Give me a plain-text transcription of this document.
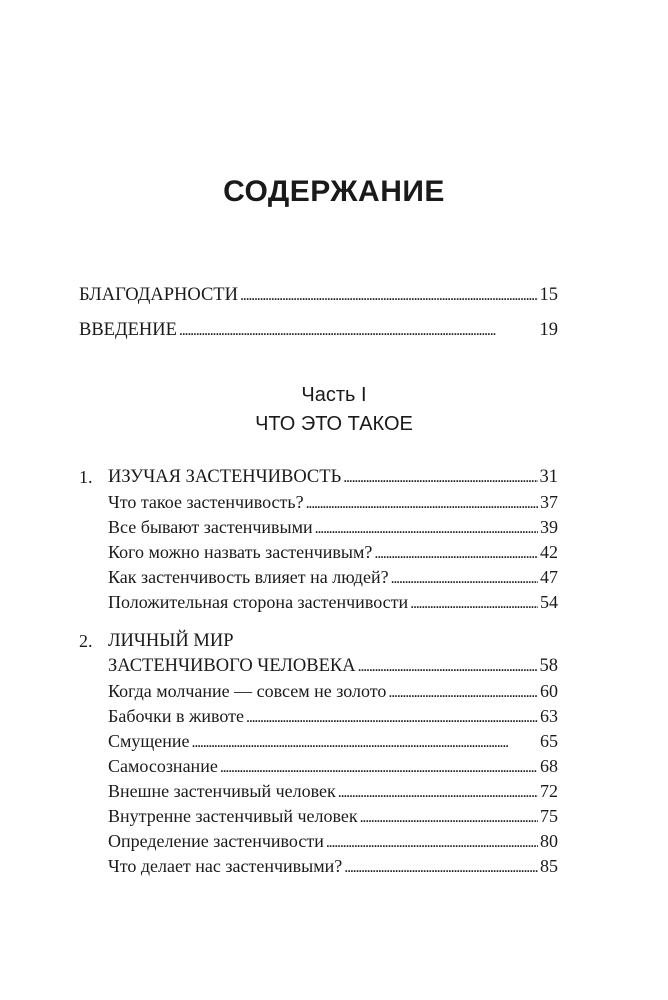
СОДЕРЖАНИЕ
БЛАГОДАРНОСТИ . . .	15
ВВЕДЕНИЕ . . .	19
Часть I
ЧТО ЭТО ТАКОЕ
1. ИЗУЧАЯ ЗАСТЕНЧИВОСТЬ . . .	31
Что такое застенчивость? . . .	37
Все бывают застенчивыми . . .	39
Кого можно назвать застенчивым? . . .	42
Как застенчивость влияет на людей? . . .	47
Положительная сторона застенчивости . . .	54
2. ЛИЧНЫЙ МИР
ЗАСТЕНЧИВОГО ЧЕЛОВЕКА . . .	58
Когда молчание — совсем не золото . . .	60
Бабочки в животе . . .	63
Смущение . . .	65
Самосознание . . .	68
Внешне застенчивый человек . . .	72
Внутренне застенчивый человек . . .	75
Определение застенчивости . . .	80
Что делает нас застенчивыми? . . .	85
